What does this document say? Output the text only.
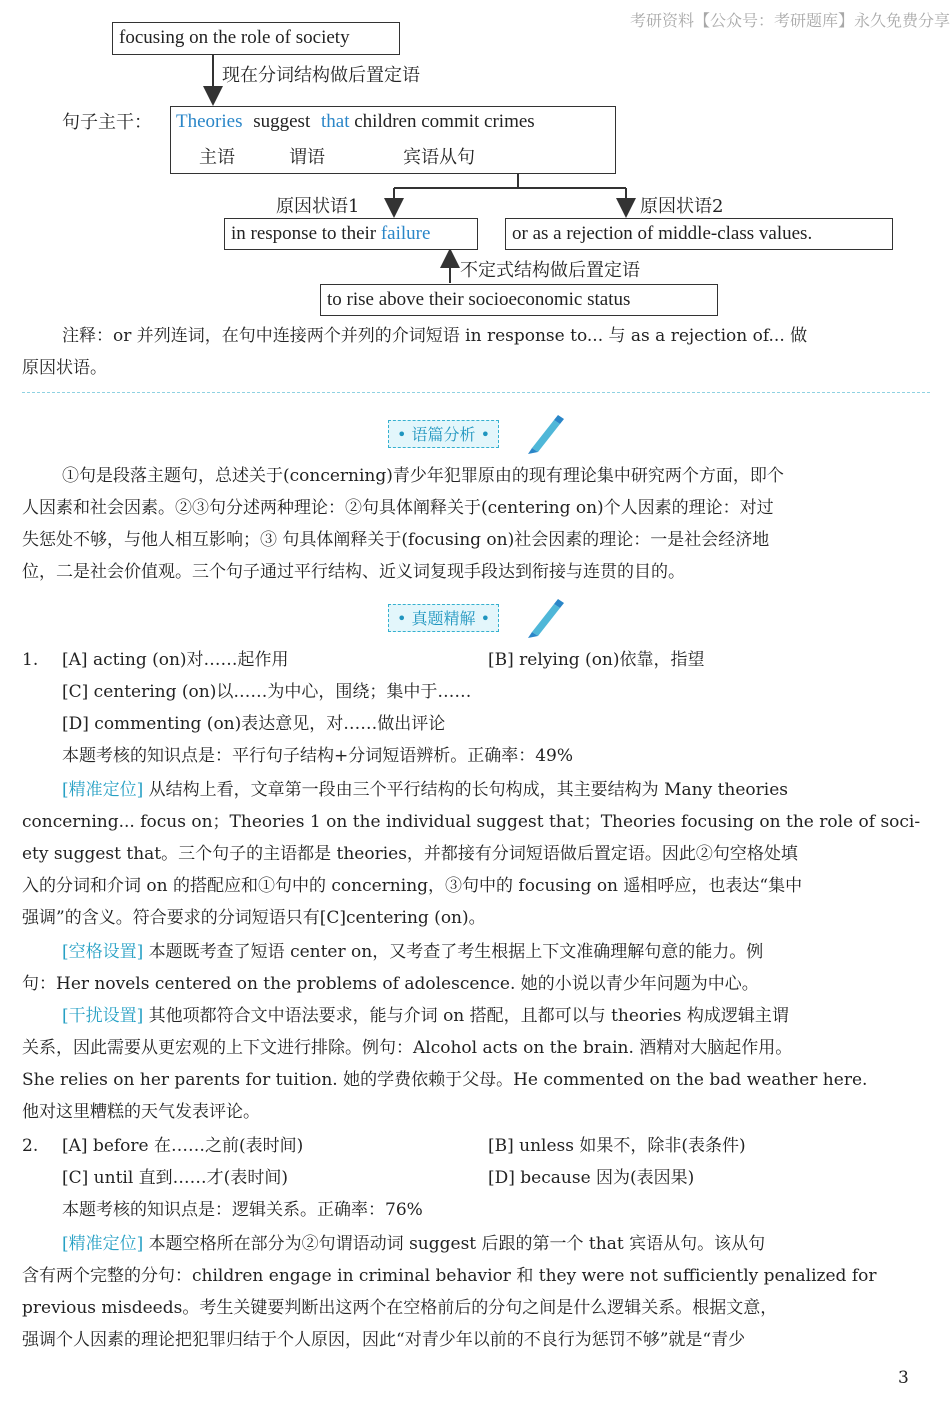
考研资料【公众号：考研题库】永久免费分享
focusing on the role of society
现在分词结构做后置定语
句子主干： Theories suggest that children commit crimes
主语	谓语	宾语从句
原因状语1	原因状语2
in response to their failure	or as a rejection of middle-class values.
不定式结构做后置定语
to rise above their socioeconomic status
注释：or 并列连词，在句中连接两个并列的介词短语 in response to... 与 as a rejection of... 做
原因状语。
• 语篇分析 •
①句是段落主题句，总述关于(concerning)青少年犯罪原由的现有理论集中研究两个方面，即个
人因素和社会因素。②③句分述两种理论：②句具体阐释关于(centering on)个人因素的理论：对过
失惩处不够，与他人相互影响；③ 句具体阐释关于(focusing on)社会因素的理论：一是社会经济地
位，二是社会价值观。三个句子通过平行结构、近义词复现手段达到衔接与连贯的目的。
• 真题精解 •
1. [A] acting (on)对……起作用	[B] relying (on)依靠，指望
[C] centering (on)以……为中心，围绕；集中于……
[D] commenting (on)表达意见，对……做出评论
本题考核的知识点是：平行句子结构+分词短语辨析。正确率：49%
[精准定位] 从结构上看，文章第一段由三个平行结构的长句构成，其主要结构为 Many theories
concerning... focus on；Theories 1 on the individual suggest that；Theories focusing on the role of soci-
ety suggest that。三个句子的主语都是 theories，并都接有分词短语做后置定语。因此②句空格处填
入的分词和介词 on 的搭配应和①句中的 concerning，③句中的 focusing on 遥相呼应，也表达“集中
强调”的含义。符合要求的分词短语只有[C]centering (on)。
[空格设置] 本题既考查了短语 center on，又考查了考生根据上下文准确理解句意的能力。例
句：Her novels centered on the problems of adolescence. 她的小说以青少年问题为中心。
[干扰设置] 其他项都符合文中语法要求，能与介词 on 搭配，且都可以与 theories 构成逻辑主谓
关系，因此需要从更宏观的上下文进行排除。例句：Alcohol acts on the brain. 酒精对大脑起作用。
She relies on her parents for tuition. 她的学费依赖于父母。He commented on the bad weather here.
他对这里糟糕的天气发表评论。
2. [A] before 在……之前(表时间)	[B] unless 如果不，除非(表条件)
[C] until 直到……才(表时间)	[D] because 因为(表因果)
本题考核的知识点是：逻辑关系。正确率：76%
[精准定位] 本题空格所在部分为②句谓语动词 suggest 后跟的第一个 that 宾语从句。该从句
含有两个完整的分句：children engage in criminal behavior 和 they were not sufficiently penalized for
previous misdeeds。考生关键要判断出这两个在空格前后的分句之间是什么逻辑关系。根据文意，
强调个人因素的理论把犯罪归结于个人原因，因此“对青少年以前的不良行为惩罚不够”就是“青少
3
